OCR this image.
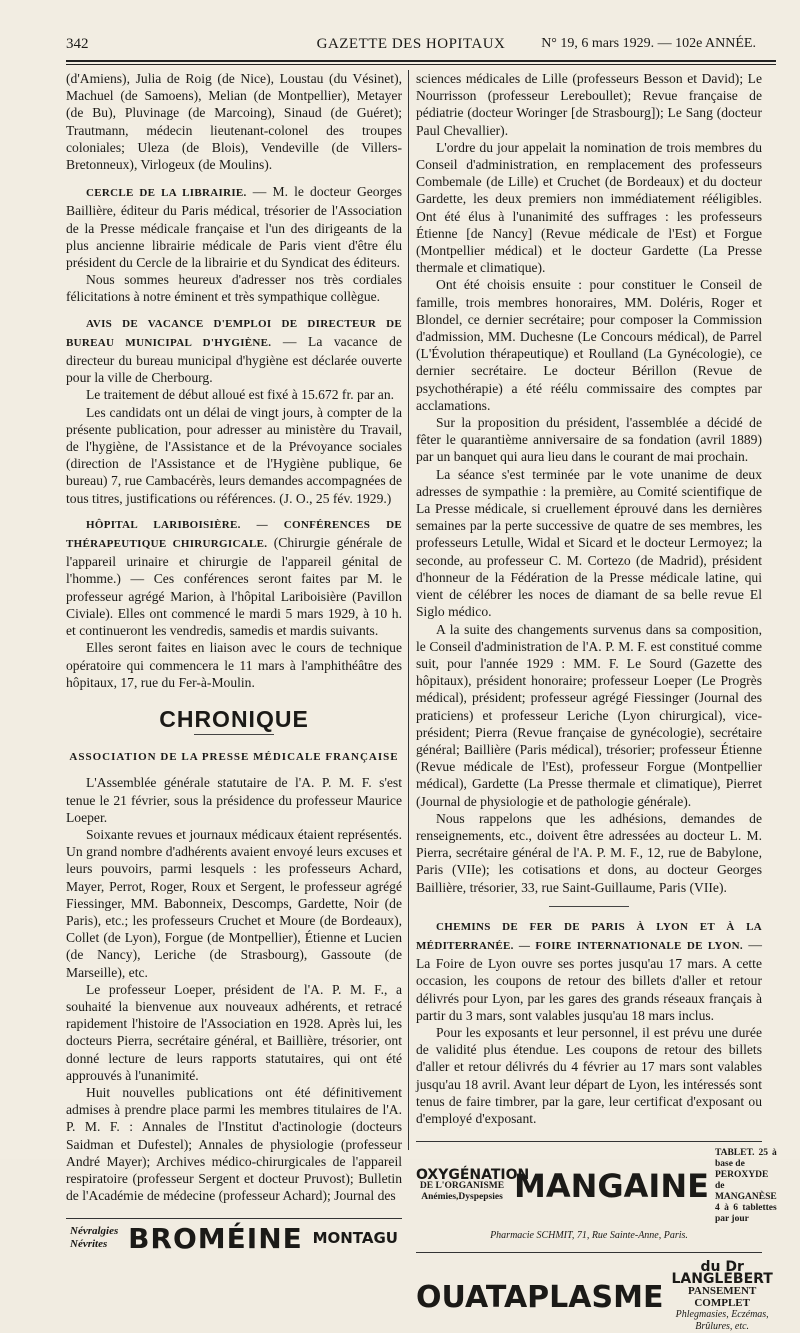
342	GAZETTE DES HOPITAUX	N° 19, 6 mars 1929. — 102e ANNÉE.

(d'Amiens), Julia de Roig (de Nice), Loustau (du Vésinet), Machuel (de Samoens), Melian (de Montpellier), Metayer (de Bu), Pluvinage (de Marcoing), Sinaud (de Guéret); Trautmann, médecin lieutenant-colonel des troupes coloniales; Uleza (de Blois), Vendeville (de Villers-Bretonneux), Virlogeux (de Moulins).

CERCLE DE LA LIBRAIRIE. — M. le docteur Georges Baillière, éditeur du Paris médical, trésorier de l'Association de la Presse médicale française et l'un des dirigeants de la plus ancienne librairie médicale de Paris vient d'être élu président du Cercle de la librairie et du Syndicat des éditeurs.

Nous sommes heureux d'adresser nos très cordiales félicitations à notre éminent et très sympathique collègue.

AVIS DE VACANCE D'EMPLOI DE DIRECTEUR DE BUREAU MUNICIPAL D'HYGIÈNE. — La vacance de directeur du bureau municipal d'hygiène est déclarée ouverte pour la ville de Cherbourg.

Le traitement de début alloué est fixé à 15.672 fr. par an.

Les candidats ont un délai de vingt jours, à compter de la présente publication, pour adresser au ministère du Travail, de l'hygiène, de l'Assistance et de la Prévoyance sociales (direction de l'Assistance et de l'Hygiène publique, 6e bureau) 7, rue Cambacérès, leurs demandes accompagnées de tous titres, justifications ou références. (J. O., 25 fév. 1929.)

HÔPITAL LARIBOISIÈRE. — CONFÉRENCES DE THÉRAPEUTIQUE CHIRURGICALE. (Chirurgie générale de l'appareil urinaire et chirurgie de l'appareil génital de l'homme.) — Ces conférences seront faites par M. le professeur agrégé Marion, à l'hôpital Lariboisière (Pavillon Civiale). Elles ont commencé le mardi 5 mars 1929, à 10 h. et continueront les vendredis, samedis et mardis suivants.

Elles seront faites en liaison avec le cours de technique opératoire qui commencera le 11 mars à l'amphithéâtre des hôpitaux, 17, rue du Fer-à-Moulin.

CHRONIQUE
ASSOCIATION DE LA PRESSE MÉDICALE FRANÇAISE

L'Assemblée générale statutaire de l'A. P. M. F. s'est tenue le 21 février, sous la présidence du professeur Maurice Loeper.

Soixante revues et journaux médicaux étaient représentés. Un grand nombre d'adhérents avaient envoyé leurs excuses et leurs pouvoirs, parmi lesquels : les professeurs Achard, Mayer, Perrot, Roger, Roux et Sergent, le professeur agrégé Fiessinger, MM. Babonneix, Descomps, Gardette, Noir (de Paris), etc.; les professeurs Cruchet et Moure (de Bordeaux), Collet (de Lyon), Forgue (de Montpellier), Étienne et Lucien (de Nancy), Leriche (de Strasbourg), Gassoute (de Marseille), etc.

Le professeur Loeper, président de l'A. P. M. F., a souhaité la bienvenue aux nouveaux adhérents, et retracé rapidement l'histoire de l'Association en 1928. Après lui, les docteurs Pierra, secrétaire général, et Baillière, trésorier, ont donné lecture de leurs rapports statutaires, qui ont été approuvés à l'unanimité.

Huit nouvelles publications ont été définitivement admises à prendre place parmi les membres titulaires de l'A. P. M. F. : Annales de l'Institut d'actinologie (docteurs Saidman et Dufestel); Annales de physiologie (professeur André Mayer); Archives médico-chirurgicales de l'appareil respiratoire (professeur Sergent et docteur Pruvost); Bulletin de l'Académie de médecine (professeur Achard); Journal des

Névralgies
Névrites BROMÉINE MONTAGU

sciences médicales de Lille (professeurs Besson et David); Le Nourrisson (professeur Lereboullet); Revue française de pédiatrie (docteur Woringer [de Strasbourg]); Le Sang (docteur Paul Chevallier).

L'ordre du jour appelait la nomination de trois membres du Conseil d'administration, en remplacement des professeurs Combemale (de Lille) et Cruchet (de Bordeaux) et du docteur Gardette, les deux premiers non immédiatement rééligibles. Ont été élus à l'unanimité des suffrages : les professeurs Étienne [de Nancy] (Revue médicale de l'Est) et Forgue (Montpellier médical) et le docteur Gardette (La Presse thermale et climatique).

Ont été choisis ensuite : pour constituer le Conseil de famille, trois membres honoraires, MM. Doléris, Roger et Blondel, ce dernier secrétaire; pour composer la Commission d'admission, MM. Duchesne (Le Concours médical), de Parrel (L'Évolution thérapeutique) et Roulland (La Gynécologie), ce dernier secrétaire. Le docteur Bérillon (Revue de psychothérapie) a été réélu commissaire des comptes par acclamations.

Sur la proposition du président, l'assemblée a décidé de fêter le quarantième anniversaire de sa fondation (avril 1889) par un banquet qui aura lieu dans le courant de mai prochain.

La séance s'est terminée par le vote unanime de deux adresses de sympathie : la première, au Comité scientifique de La Presse médicale, si cruellement éprouvé dans les dernières semaines par la perte successive de quatre de ses membres, les professeurs Letulle, Widal et Sicard et le docteur Lermoyez; la seconde, au professeur C. M. Cortezo (de Madrid), président d'honneur de la Fédération de la Presse médicale latine, qui vient de célébrer les noces de diamant de sa belle revue El Siglo médico.

A la suite des changements survenus dans sa composition, le Conseil d'administration de l'A. P. M. F. est constitué comme suit, pour l'année 1929 : MM. F. Le Sourd (Gazette des hôpitaux), président honoraire; professeur Loeper (Le Progrès médical), président; professeur agrégé Fiessinger (Journal des praticiens) et professeur Leriche (Lyon chirurgical), vice-président; Pierra (Revue française de gynécologie), secrétaire général; Baillière (Paris médical), trésorier; professeur Étienne (Revue médicale de l'Est), professeur Forgue (Montpellier médical), Gardette (La Presse thermale et climatique), Pierret (Journal de physiologie et de pathologie générale).

Nous rappelons que les adhésions, demandes de renseignements, etc., doivent être adressées au docteur L. M. Pierra, secrétaire général de l'A. P. M. F., 12, rue de Babylone, Paris (VIIe); les cotisations et dons, au docteur Georges Baillière, trésorier, 33, rue Saint-Guillaume, Paris (VIIe).

CHEMINS DE FER DE PARIS À LYON ET À LA MÉDITERRANÉE. — FOIRE INTERNATIONALE DE LYON. — La Foire de Lyon ouvre ses portes jusqu'au 17 mars. A cette occasion, les coupons de retour des billets d'aller et retour délivrés pour Lyon, par les gares des grands réseaux français à partir du 3 mars, sont valables jusqu'au 18 mars inclus.

Pour les exposants et leur personnel, il est prévu une durée de validité plus étendue. Les coupons de retour des billets d'aller et retour délivrés du 4 février au 17 mars sont valables jusqu'au 18 avril. Avant leur départ de Lyon, les intéressés sont tenus de faire timbrer, par la gare, leur certificat d'exposant ou d'employé d'exposant.

OXYGÉNATION
DE L'ORGANISME
Anémies,Dyspepsies MANGAINE
TABLET. 25 à base de
PEROXYDE de MANGANÈSE
4 à 6 tablettes par jour
Pharmacie SCHMIT, 71, Rue Sainte-Anne, Paris.
OUATAPLASME
du Dr LANGLEBERT
PANSEMENT COMPLET
Phlegmasies, Eczémas, Brûlures, etc.
